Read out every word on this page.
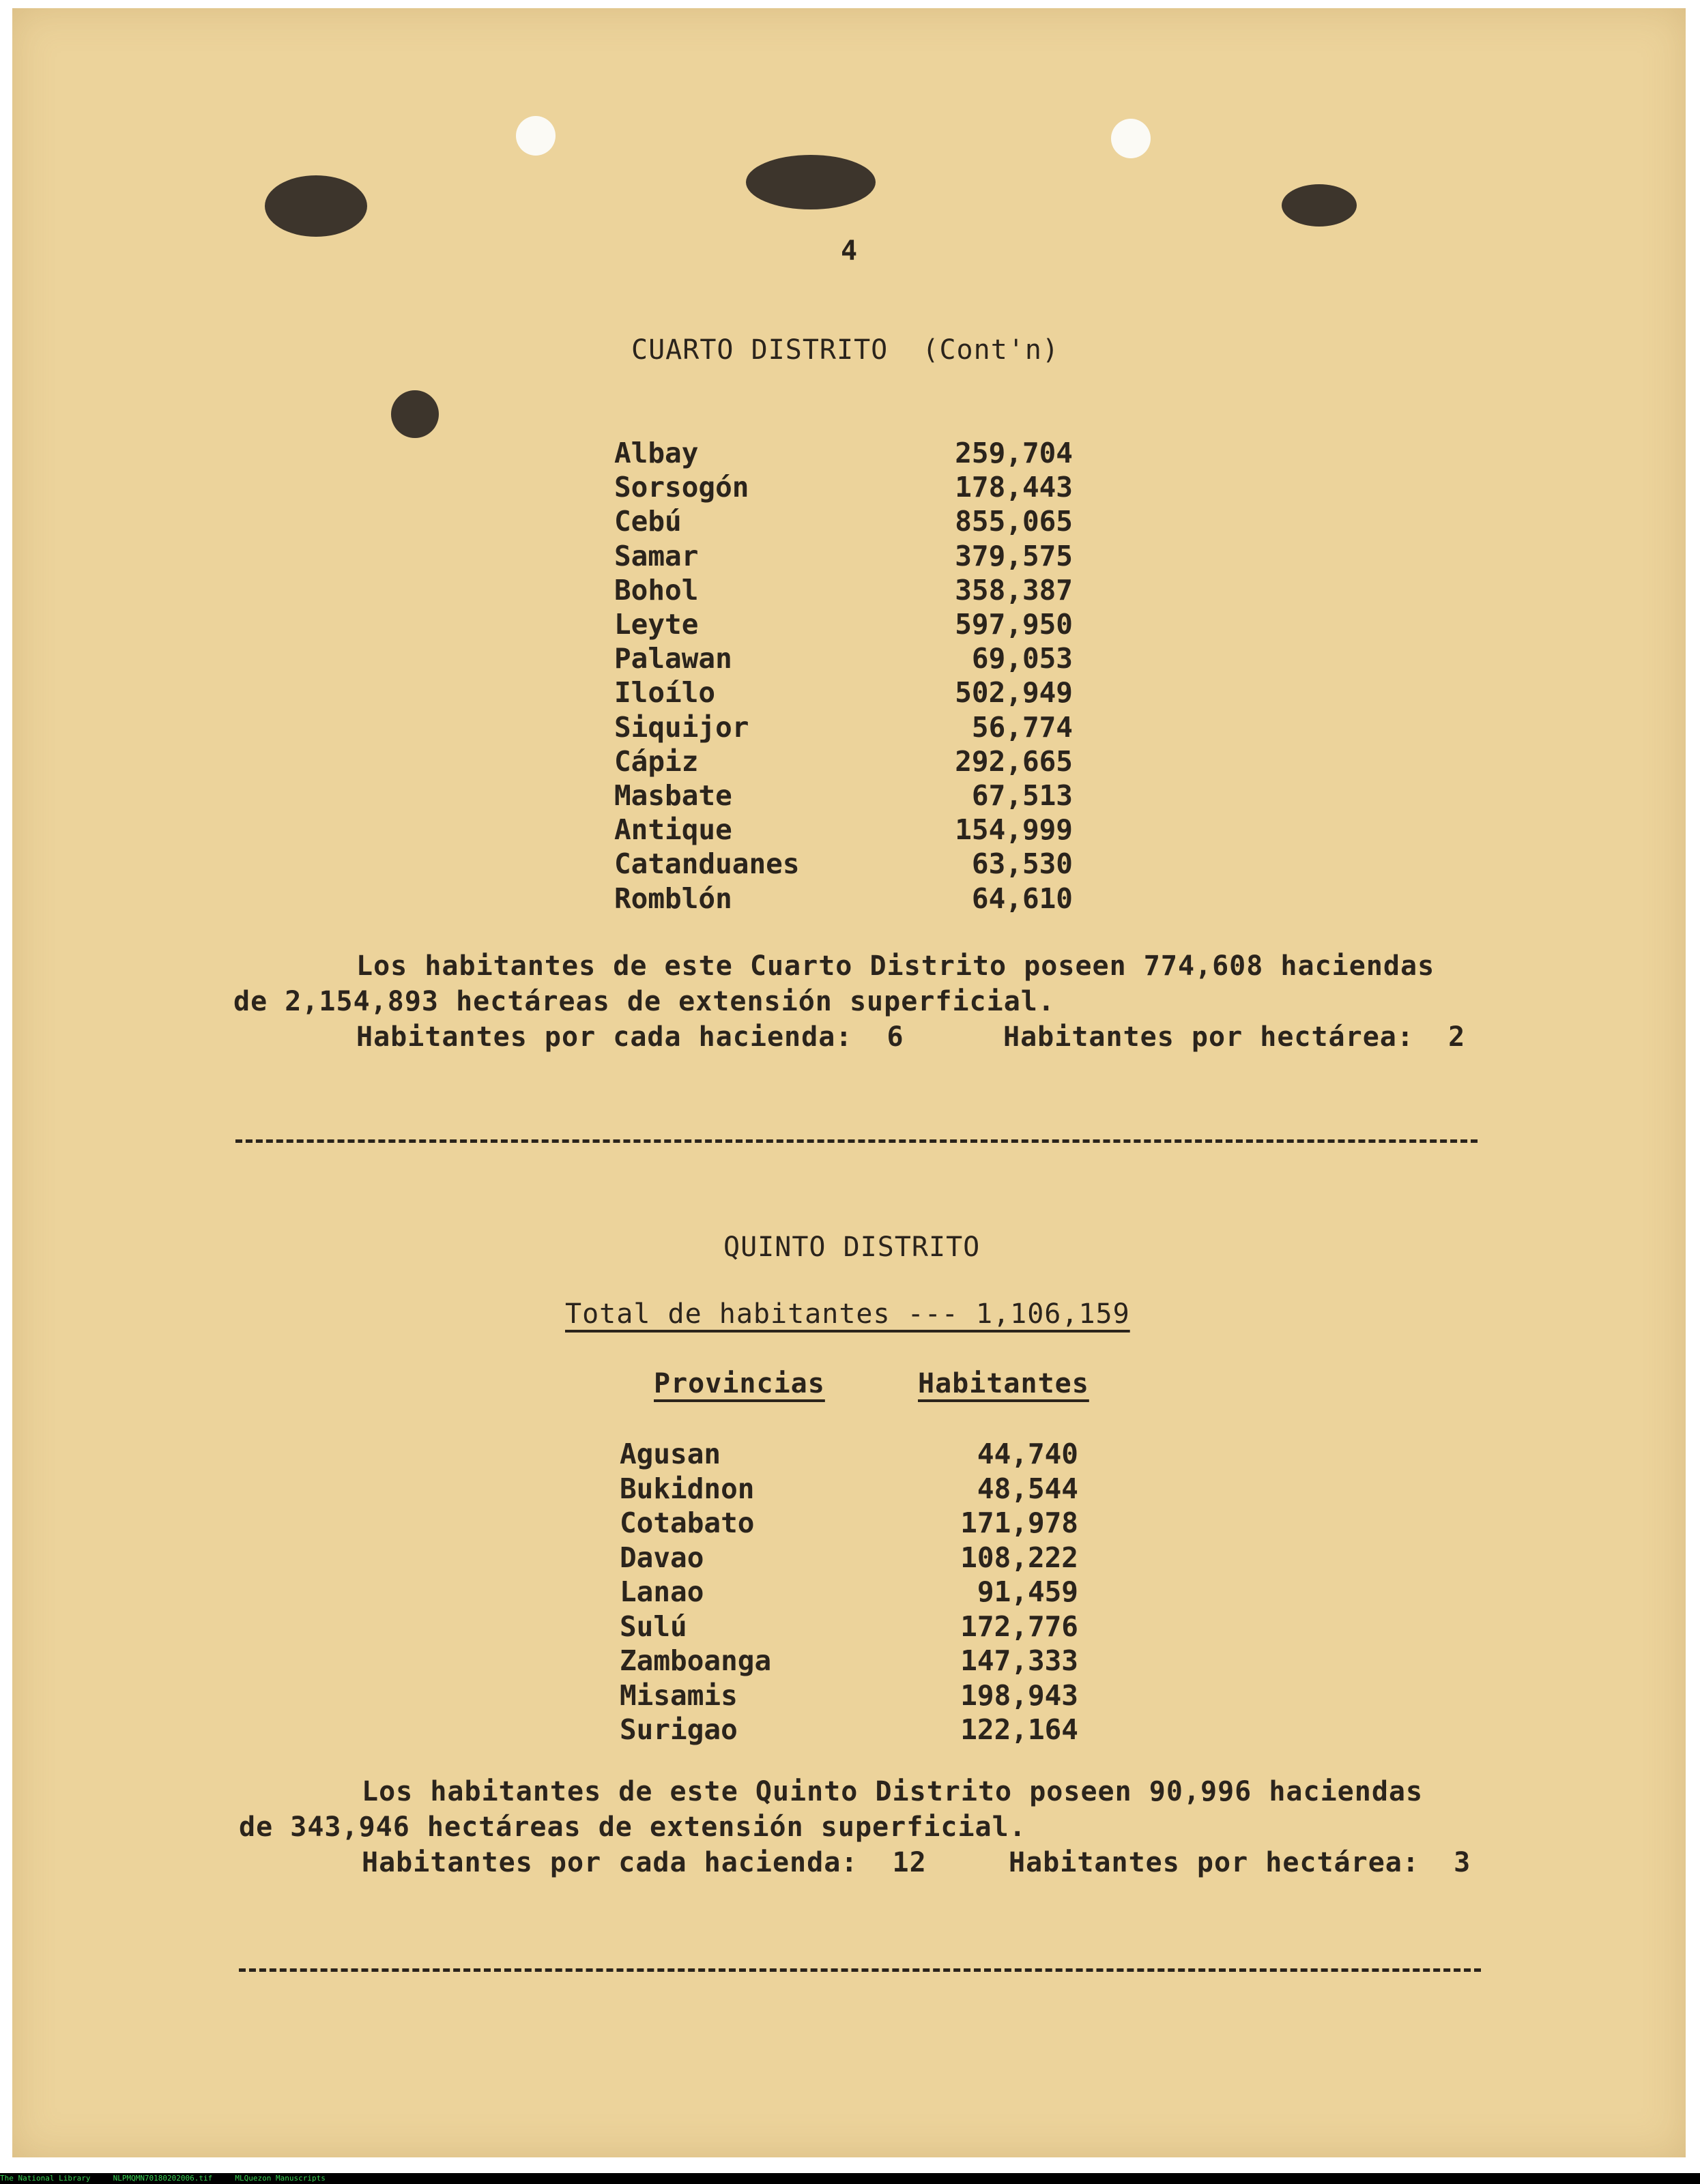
4
CUARTO DISTRITO  (Cont'n)
Albay	259,704
Sorsogón	178,443
Cebú	855,065
Samar	379,575
Bohol	358,387
Leyte	597,950
Palawan	69,053
Iloílo	502,949
Siquijor	56,774
Cápiz	292,665
Masbate	67,513
Antique	154,999
Catanduanes	63,530
Romblón	64,610
Los habitantes de este Cuarto Distrito poseen 774,608 haciendas
de 2,154,893 hectáreas de extensión superficial.
Habitantes por cada hacienda:  6	Habitantes por hectárea:  2
QUINTO DISTRITO
Total de habitantes --- 1,106,159
Provincias	Habitantes
Agusan	44,740
Bukidnon	48,544
Cotabato	171,978
Davao	108,222
Lanao	91,459
Sulú	172,776
Zamboanga	147,333
Misamis	198,943
Surigao	122,164
Los habitantes de este Quinto Distrito poseen 90,996 haciendas
de 343,946 hectáreas de extensión superficial.
Habitantes por cada hacienda:  12	Habitantes por hectárea:  3
The National Library	NLPMQMN70180202006.tif	MLQuezon Manuscripts
